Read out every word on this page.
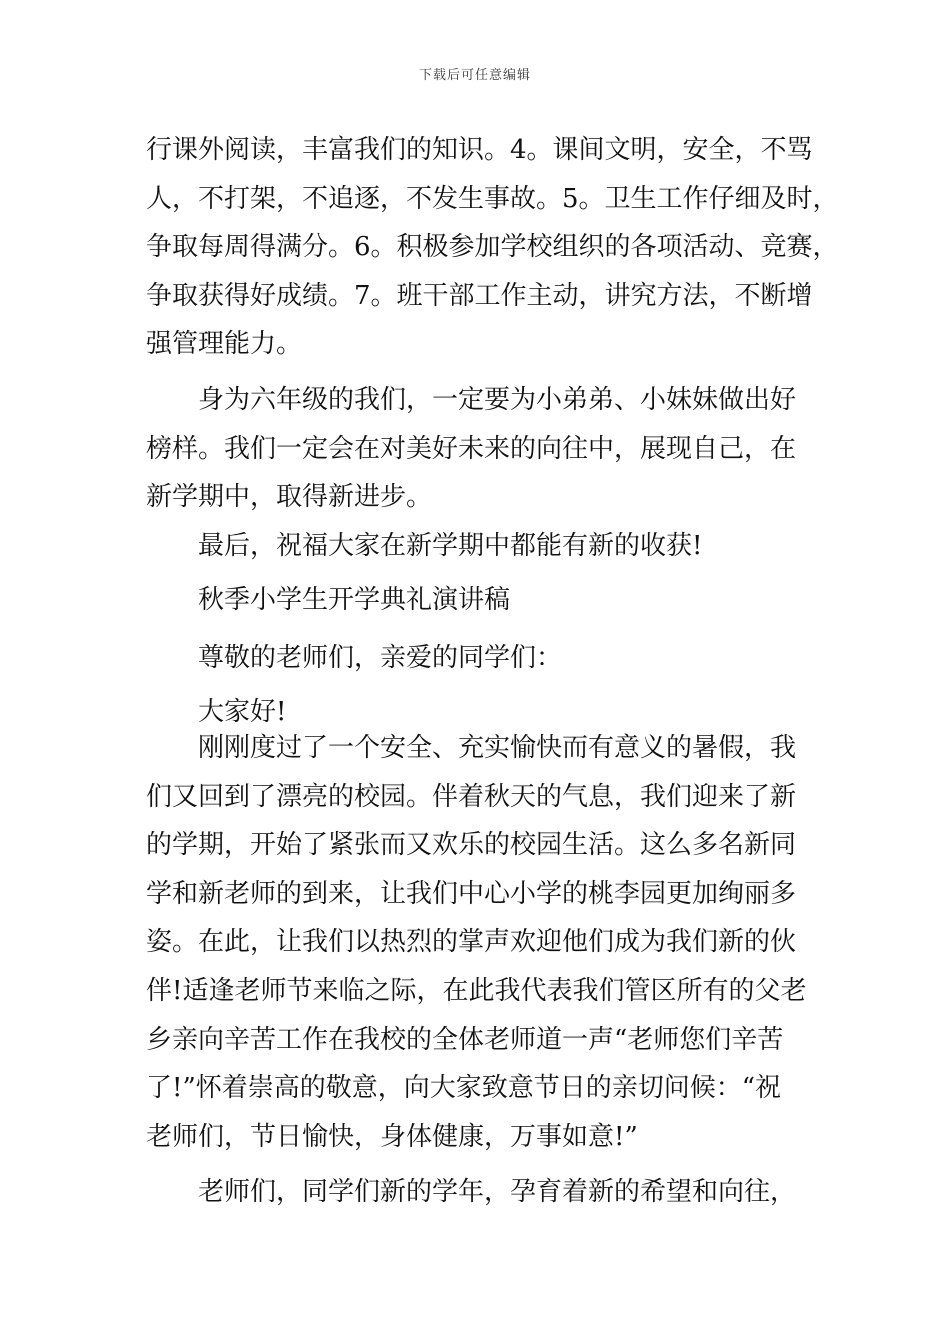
下载后可任意编辑
行课外阅读，丰富我们的知识。4。课间文明，安全，不骂
人，不打架，不追逐，不发生事故。5。卫生工作仔细及时，
争取每周得满分。6。积极参加学校组织的各项活动、竞赛，
争取获得好成绩。7。班干部工作主动，讲究方法，不断增
强管理能力。
身为六年级的我们，一定要为小弟弟、小妹妹做出好
榜样。我们一定会在对美好未来的向往中，展现自己，在
新学期中，取得新进步。
最后，祝福大家在新学期中都能有新的收获!
秋季小学生开学典礼演讲稿
尊敬的老师们，亲爱的同学们：
大家好!
刚刚度过了一个安全、充实愉快而有意义的暑假，我
们又回到了漂亮的校园。伴着秋天的气息，我们迎来了新
的学期，开始了紧张而又欢乐的校园生活。这么多名新同
学和新老师的到来，让我们中心小学的桃李园更加绚丽多
姿。在此，让我们以热烈的掌声欢迎他们成为我们新的伙
伴!适逢老师节来临之际，在此我代表我们管区所有的父老
乡亲向辛苦工作在我校的全体老师道一声“老师您们辛苦
了!”怀着崇高的敬意，向大家致意节日的亲切问候：“祝
老师们，节日愉快，身体健康，万事如意!”
老师们，同学们新的学年，孕育着新的希望和向往，
